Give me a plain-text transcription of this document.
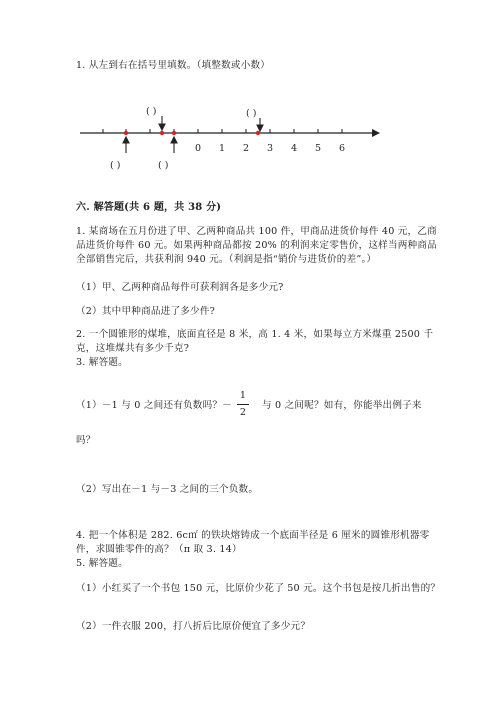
1. 从左到右在括号里填数。（填整数或小数）
0 1 2 3 4 5 6
( )	( )
( )	( )
六. 解答题(共 6 题，共 38 分)
1. 某商场在五月份进了甲、乙两种商品共 100 件，甲商品进货价每件 40 元，乙商品进货价每件 60 元。如果两种商品都按 20% 的利润来定零售价，这样当两种商品全部销售完后，共获利润 940 元。（利润是指“销价与进货价的差”。）
（1）甲、乙两种商品每件可获利润各是多少元?
（2）其中甲种商品进了多少件?
2. 一个圆锥形的煤堆，底面直径是 8 米，高 1. 4 米，如果每立方米煤重 2500 千克，这堆煤共有多少千克?
3. 解答题。
（1）－1 与 0 之间还有负数吗？－
1
2
与 0 之间呢？如有，你能举出例子来
吗？
（2）写出在－1 与－3 之间的三个负数。
4. 把一个体积是 282. 6c㎡ 的铁块熔铸成一个底面半径是 6 厘米的圆锥形机器零件，求圆锥零件的高？（π 取 3. 14）
5. 解答题。
（1）小红买了一个书包 150 元，比原价少花了 50 元。这个书包是按几折出售的？
（2）一件衣服 200，打八折后比原价便宜了多少元？
